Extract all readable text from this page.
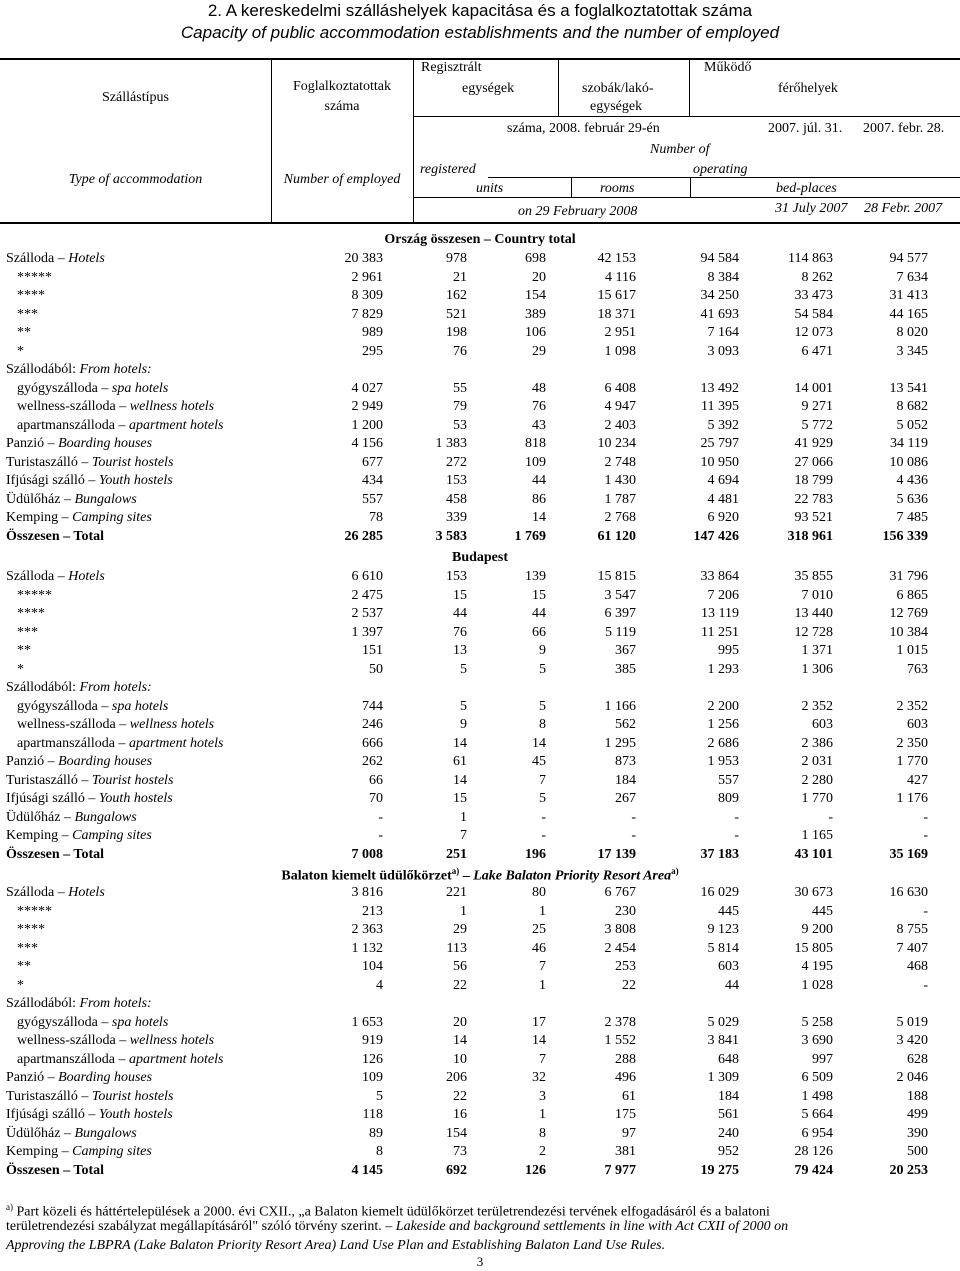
2. A kereskedelmi szálláshelyek kapacitása és a foglalkoztatottak száma
Capacity of public accommodation establishments and the number of employed
Szállástípus
Type of accommodation
Foglalkoztatottak
száma
Number of employed
Regisztrált	Működő
egységek	szobák/lakó-
egységek
férőhelyek
száma, 2008. február 29-én	2007. júl. 31. 2007. febr. 28.
Number of
registered	operating
units	rooms	bed-places
on 29 February 2008	31 July 2007 28 Febr. 2007
Ország összesen – Country total
Szálloda – Hotels	20 383	978	698	42 153	94 584	114 863	94 577
*****	2 961	21	20	4 116	8 384	8 262	7 634
****	8 309	162	154	15 617	34 250	33 473	31 413
***	7 829	521	389	18 371	41 693	54 584	44 165
**	989	198	106	2 951	7 164	12 073	8 020
*	295	76	29	1 098	3 093	6 471	3 345
Szállodából: From hotels:
gyógyszálloda – spa hotels	4 027	55	48	6 408	13 492	14 001	13 541
wellness-szálloda – wellness hotels	2 949	79	76	4 947	11 395	9 271	8 682
apartmanszálloda – apartment hotels	1 200	53	43	2 403	5 392	5 772	5 052
Panzió – Boarding houses	4 156	1 383	818	10 234	25 797	41 929	34 119
Turistaszálló – Tourist hostels	677	272	109	2 748	10 950	27 066	10 086
Ifjúsági szálló – Youth hostels	434	153	44	1 430	4 694	18 799	4 436
Üdülőház – Bungalows	557	458	86	1 787	4 481	22 783	5 636
Kemping – Camping sites	78	339	14	2 768	6 920	93 521	7 485
Összesen – Total	26 285	3 583	1 769	61 120	147 426	318 961	156 339
Budapest
Szálloda – Hotels	6 610	153	139	15 815	33 864	35 855	31 796
*****	2 475	15	15	3 547	7 206	7 010	6 865
****	2 537	44	44	6 397	13 119	13 440	12 769
***	1 397	76	66	5 119	11 251	12 728	10 384
**	151	13	9	367	995	1 371	1 015
*	50	5	5	385	1 293	1 306	763
Szállodából: From hotels:
gyógyszálloda – spa hotels	744	5	5	1 166	2 200	2 352	2 352
wellness-szálloda – wellness hotels	246	9	8	562	1 256	603	603
apartmanszálloda – apartment hotels	666	14	14	1 295	2 686	2 386	2 350
Panzió – Boarding houses	262	61	45	873	1 953	2 031	1 770
Turistaszálló – Tourist hostels	66	14	7	184	557	2 280	427
Ifjúsági szálló – Youth hostels	70	15	5	267	809	1 770	1 176
Üdülőház – Bungalows	-	1	-	-	-	-	-
Kemping – Camping sites	-	7	-	-	-	1 165	-
Összesen – Total	7 008	251	196	17 139	37 183	43 101	35 169
Balaton kiemelt üdülőkörzet$^{a)}$ – Lake Balaton Priority Resort Area$^{a)}$
Szálloda – Hotels	3 816	221	80	6 767	16 029	30 673	16 630
*****	213	1	1	230	445	445	-
****	2 363	29	25	3 808	9 123	9 200	8 755
***	1 132	113	46	2 454	5 814	15 805	7 407
**	104	56	7	253	603	4 195	468
*	4	22	1	22	44	1 028	-
Szállodából: From hotels:
gyógyszálloda – spa hotels	1 653	20	17	2 378	5 029	5 258	5 019
wellness-szálloda – wellness hotels	919	14	14	1 552	3 841	3 690	3 420
apartmanszálloda – apartment hotels	126	10	7	288	648	997	628
Panzió – Boarding houses	109	206	32	496	1 309	6 509	2 046
Turistaszálló – Tourist hostels	5	22	3	61	184	1 498	188
Ifjúsági szálló – Youth hostels	118	16	1	175	561	5 664	499
Üdülőház – Bungalows	89	154	8	97	240	6 954	390
Kemping – Camping sites	8	73	2	381	952	28 126	500
Összesen – Total	4 145	692	126	7 977	19 275	79 424	20 253
$^{a)}$ Part közeli és háttértelepülések a 2000. évi CXII., „a Balaton kiemelt üdülőkörzet területrendezési tervének elfogadásáról és a balatoni
területrendezési szabályzat megállapításáról" szóló törvény szerint. – Lakeside and background settlements in line with Act CXII of 2000 on
Approving the LBPRA (Lake Balaton Priority Resort Area) Land Use Plan and Establishing Balaton Land Use Rules.
3
